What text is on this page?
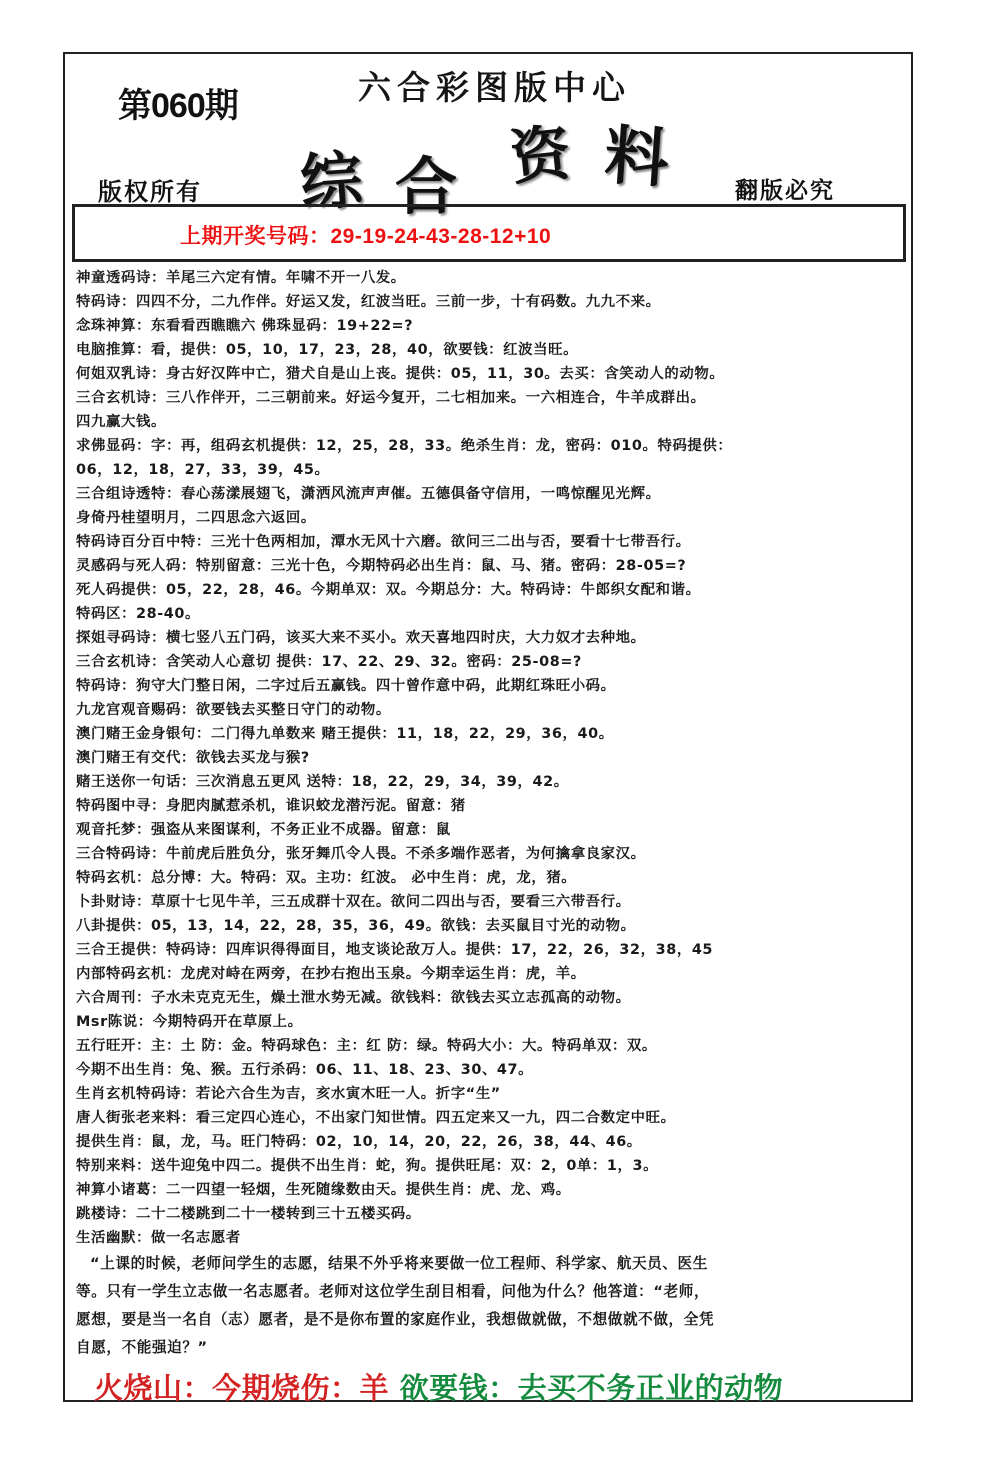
第060期	六合彩图版中心
综 合 资 料
版权所有	翻版必究
上期开奖号码：29-19-24-43-28-12+10
神童透码诗：羊尾三六定有情。年啸不开一八发。
特码诗：四四不分，二九作伴。好运又发，红波当旺。三前一步，十有码数。九九不来。
念珠神算：东看看西瞧瞧六 佛珠显码：19+22=?
电脑推算：看，提供：05，10，17，23，28，40，欲要钱：红波当旺。
何姐双乳诗：身古好汉阵中亡，猎犬自是山上丧。提供：05，11，30。去买：含笑动人的动物。
三合玄机诗：三八作伴开，二三朝前来。好运今复开，二七相加来。一六相连合，牛羊成群出。
四九赢大钱。
求佛显码：字：再，组码玄机提供：12，25，28，33。绝杀生肖：龙，密码：010。特码提供：
06，12，18，27，33，39，45。
三合组诗透特：春心荡漾展翅飞，潇洒风流声声催。五德俱备守信用，一鸣惊醒见光辉。
身倚丹桂望明月，二四思念六返回。
特码诗百分百中特：三光十色两相加，潭水无风十六磨。欲问三二出与否，要看十七带吾行。
灵感码与死人码：特别留意：三光十色，今期特码必出生肖：鼠、马、猪。密码：28-05=?
死人码提供：05，22，28，46。今期单双：双。今期总分：大。特码诗：牛郎织女配和谐。
特码区：28-40。
探姐寻码诗：横七竖八五门码，该买大来不买小。欢天喜地四时庆，大力奴才去种地。
三合玄机诗：含笑动人心意切 提供：17、22、29、32。密码：25-08=?
特码诗：狗守大门整日闲，二字过后五赢钱。四十曾作意中码，此期红珠旺小码。
九龙宫观音赐码：欲要钱去买整日守门的动物。
澳门赌王金身银句：二门得九单数来 赌王提供：11，18，22，29，36，40。
澳门赌王有交代：欲钱去买龙与猴?
赌王送你一句话：三次消息五更风 送特：18，22，29，34，39，42。
特码图中寻：身肥肉腻惹杀机，谁识蛟龙潜污泥。留意：猪
观音托梦：强盗从来图谋利，不务正业不成器。留意：鼠
三合特码诗：牛前虎后胜负分，张牙舞爪令人畏。不杀多端作恶者，为何擒拿良家汉。
特码玄机：总分博：大。特码：双。主功：红波。 必中生肖：虎，龙，猪。
卜卦财诗：草原十七见牛羊，三五成群十双在。欲问二四出与否，要看三六带吾行。
八卦提供：05，13，14，22，28，35，36，49。欲钱：去买鼠目寸光的动物。
三合王提供：特码诗：四库识得得面目，地支谈论敌万人。提供：17，22，26，32，38，45
内部特码玄机：龙虎对峙在两旁，在抄右抱出玉泉。今期幸运生肖：虎，羊。
六合周刊：子水未克克无生，燥土泄水势无减。欲钱料：欲钱去买立志孤高的动物。
Msr陈说：今期特码开在草原上。
五行旺开：主：土 防：金。特码球色：主：红 防：绿。特码大小：大。特码单双：双。
今期不出生肖：兔、猴。五行杀码：06、11、18、23、30、47。
生肖玄机特码诗：若论六合生为吉，亥水寅木旺一人。折字“生”
唐人街张老来料：看三定四心连心，不出家门知世情。四五定来又一九，四二合数定中旺。
提供生肖：鼠，龙，马。旺门特码：02，10，14，20，22，26，38，44、46。
特别来料：送牛迎兔中四二。提供不出生肖：蛇，狗。提供旺尾：双：2，0单：1，3。
神算小诸葛：二一四望一轻烟，生死随缘数由天。提供生肖：虎、龙、鸡。
跳楼诗：二十二楼跳到二十一楼转到三十五楼买码。
生活幽默：做一名志愿者

“上课的时候，老师问学生的志愿，结果不外乎将来要做一位工程师、科学家、航天员、医生

等。只有一学生立志做一名志愿者。老师对这位学生刮目相看，问他为什么？他答道：“老师，

愿想，要是当一名自（志）愿者，是不是你布置的家庭作业，我想做就做，不想做就不做，全凭

自愿，不能强迫？”

火烧山：今期烧伤：羊 欲要钱：去买不务正业的动物
